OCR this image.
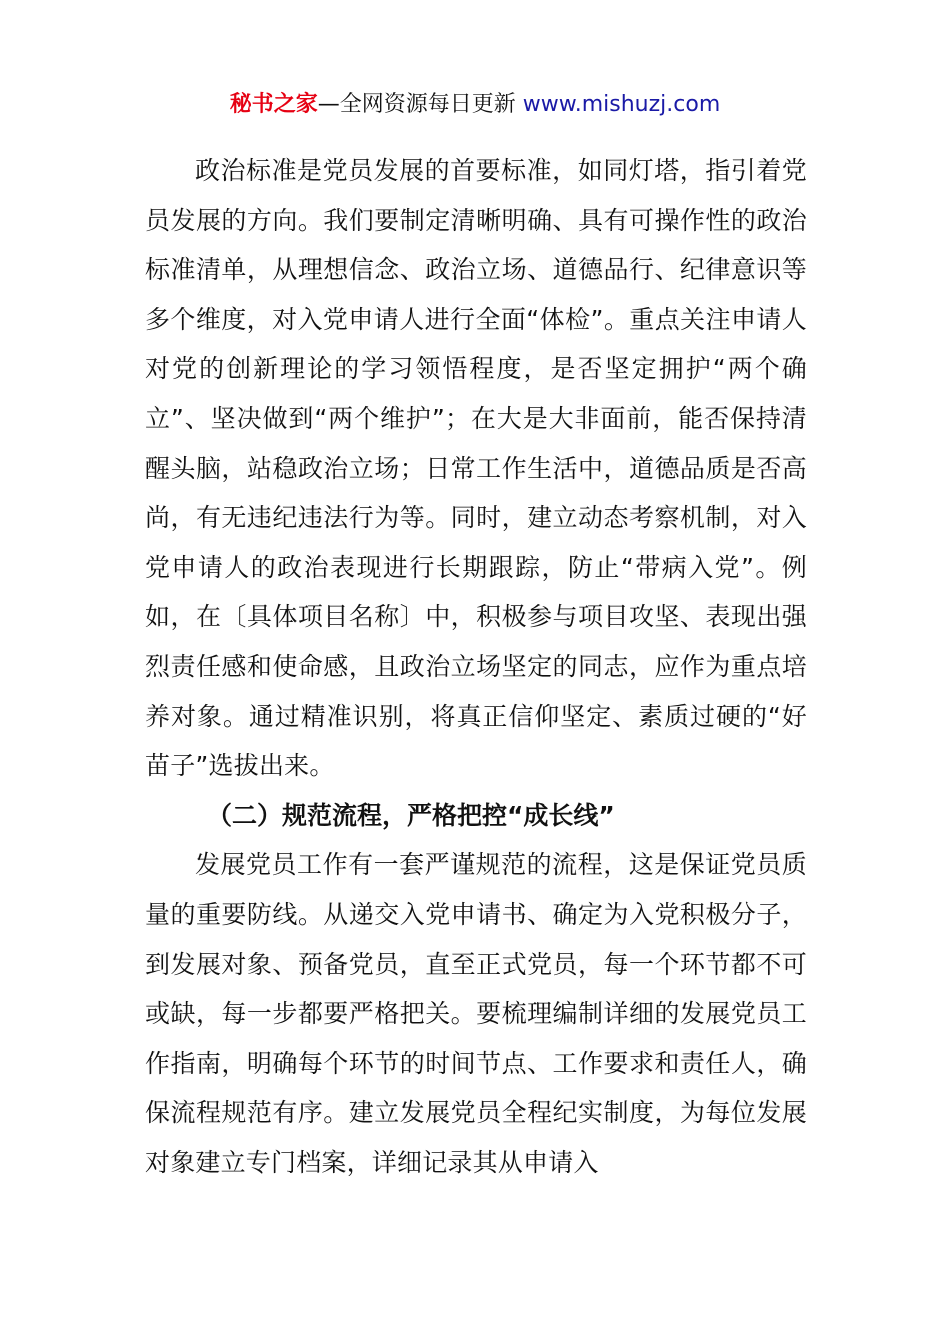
秘书之家—全网资源每日更新 www.mishuzj.com

政治标准是党员发展的首要标准，如同灯塔，指引着党员发展的方向。我们要制定清晰明确、具有可操作性的政治标准清单，从理想信念、政治立场、道德品行、纪律意识等多个维度，对入党申请人进行全面“体检”。重点关注申请人对党的创新理论的学习领悟程度，是否坚定拥护“两个确立”、坚决做到“两个维护”；在大是大非面前，能否保持清醒头脑，站稳政治立场；日常工作生活中，道德品质是否高尚，有无违纪违法行为等。同时，建立动态考察机制，对入党申请人的政治表现进行长期跟踪，防止“带病入党”。例如，在〔具体项目名称〕中，积极参与项目攻坚、表现出强烈责任感和使命感，且政治立场坚定的同志，应作为重点培养对象。通过精准识别，将真正信仰坚定、素质过硬的“好苗子”选拔出来。

（二）规范流程，严格把控“成长线”

发展党员工作有一套严谨规范的流程，这是保证党员质量的重要防线。从递交入党申请书、确定为入党积极分子，到发展对象、预备党员，直至正式党员，每一个环节都不可或缺，每一步都要严格把关。要梳理编制详细的发展党员工作指南，明确每个环节的时间节点、工作要求和责任人，确保流程规范有序。建立发展党员全程纪实制度，为每位发展对象建立专门档案，详细记录其从申请入
